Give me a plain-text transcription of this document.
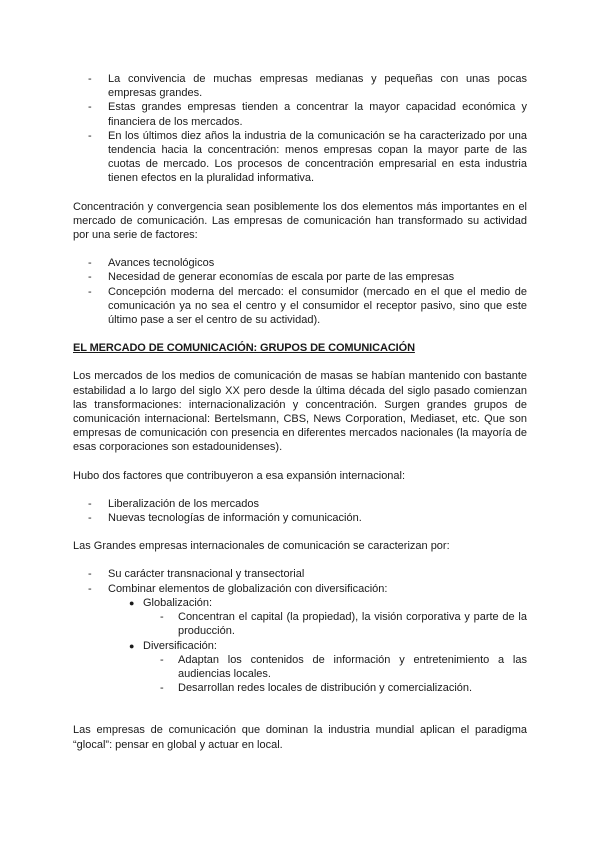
- La convivencia de muchas empresas medianas y pequeñas con unas pocas empresas grandes.
- Estas grandes empresas tienden a concentrar la mayor capacidad económica y financiera de los mercados.
- En los últimos diez años la industria de la comunicación se ha caracterizado por una tendencia hacia la concentración: menos empresas copan la mayor parte de las cuotas de mercado. Los procesos de concentración empresarial en esta industria tienen efectos en la pluralidad informativa.

Concentración y convergencia sean posiblemente los dos elementos más importantes en el mercado de comunicación. Las empresas de comunicación han transformado su actividad por una serie de factores:

- Avances tecnológicos
- Necesidad de generar economías de escala por parte de las empresas
- Concepción moderna del mercado: el consumidor (mercado en el que el medio de comunicación ya no sea el centro y el consumidor el receptor pasivo, sino que este último pase a ser el centro de su actividad).
EL MERCADO DE COMUNICACIÓN: GRUPOS DE COMUNICACIÓN

Los mercados de los medios de comunicación de masas se habían mantenido con bastante estabilidad a lo largo del siglo XX pero desde la última década del siglo pasado comienzan las transformaciones: internacionalización y concentración. Surgen grandes grupos de comunicación internacional: Bertelsmann, CBS, News Corporation, Mediaset, etc. Que son empresas de comunicación con presencia en diferentes mercados nacionales (la mayoría de esas corporaciones son estadounidenses).

Hubo dos factores que contribuyeron a esa expansión internacional:

- Liberalización de los mercados
- Nuevas tecnologías de información y comunicación.

Las Grandes empresas internacionales de comunicación se caracterizan por:

- Su carácter transnacional y transectorial
- Combinar elementos de globalización con diversificación:
● Globalización:
- Concentran el capital (la propiedad), la visión corporativa y parte de la producción.
● Diversificación:
- Adaptan los contenidos de información y entretenimiento a las audiencias locales.
- Desarrollan redes locales de distribución y comercialización.

Las empresas de comunicación que dominan la industria mundial aplican el paradigma “glocal”: pensar en global y actuar en local.
